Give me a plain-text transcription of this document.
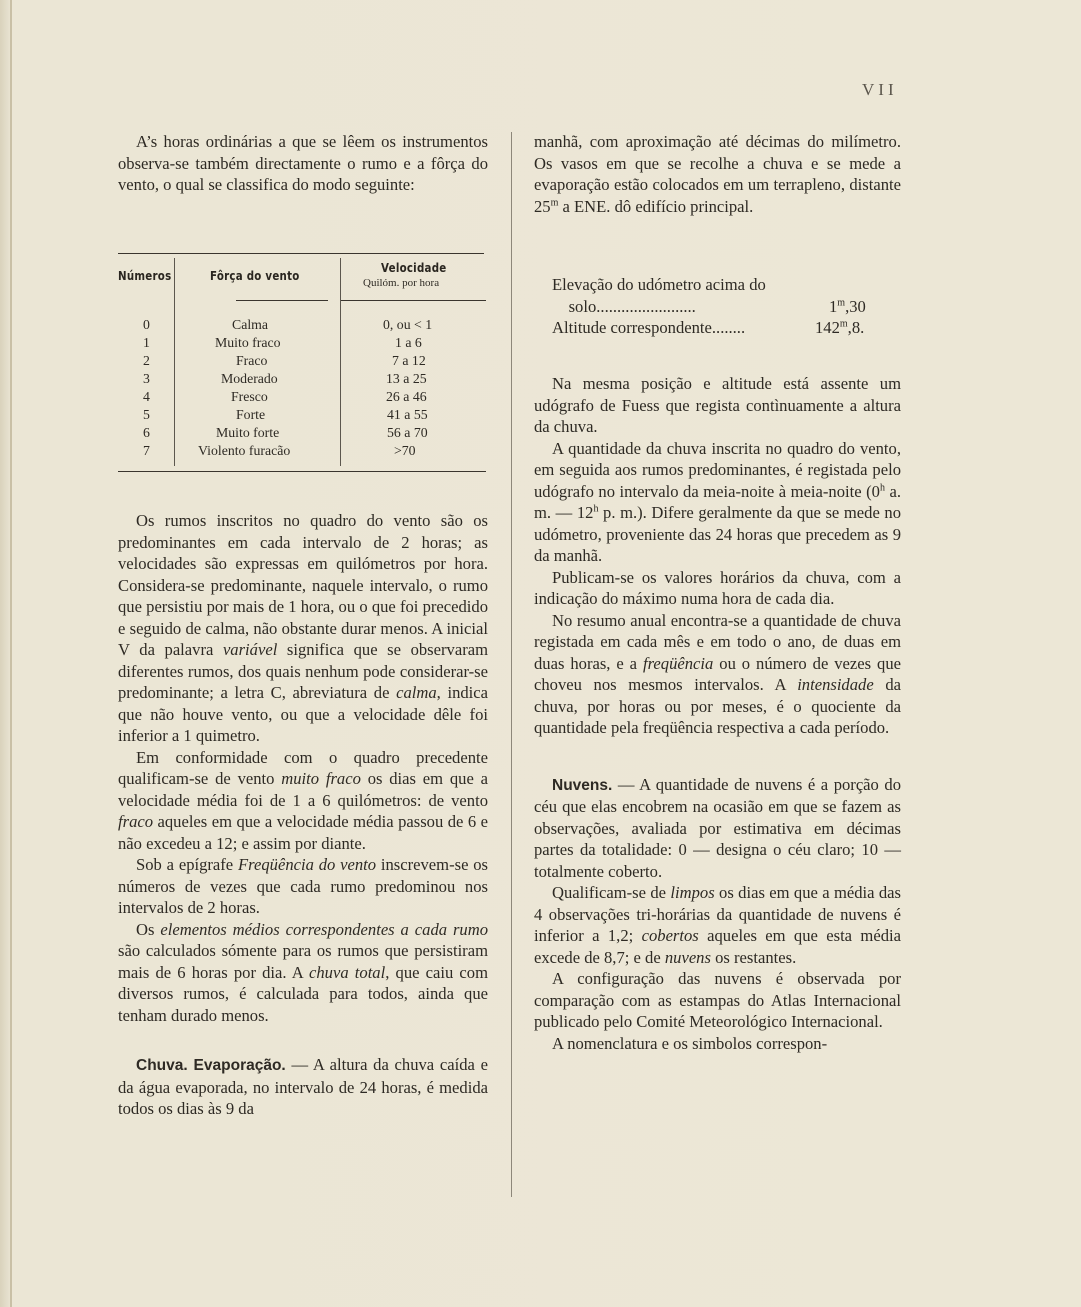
VII

A’s horas ordinárias a que se lêem os instrumentos observa-se também directamente o rumo e a fôrça do vento, o qual se classifica do modo seguinte:

Números	Fôrça do vento
Velocidade
Quilóm. por hora
0	Calma	0, ou < 1
1	Muito fraco	1 a 6
2	Fraco	7 a 12
3	Moderado	13 a 25
4	Fresco	26 a 46
5	Forte	41 a 55
6	Muito forte	56 a 70
7	Violento furacão	>70

Os rumos inscritos no quadro do vento são os predominantes em cada intervalo de 2 horas; as velocidades são expressas em quilómetros por hora. Considera-se predominante, naquele intervalo, o rumo que persistiu por mais de 1 hora, ou o que foi precedido e seguido de calma, não obstante durar menos. A inicial V da palavra variável significa que se observaram diferentes rumos, dos quais nenhum pode considerar-se predominante; a letra C, abreviatura de calma, indica que não houve vento, ou que a velocidade dêle foi inferior a 1 quimetro.

Em conformidade com o quadro precedente qualificam-se de vento muito fraco os dias em que a velocidade média foi de 1 a 6 quilómetros: de vento fraco aqueles em que a velocidade média passou de 6 e não excedeu a 12; e assim por diante.

Sob a epígrafe Freqüência do vento inscrevem-se os números de vezes que cada rumo predominou nos intervalos de 2 horas.

Os elementos médios correspondentes a cada rumo são calculados sómente para os rumos que persistiram mais de 6 horas por dia. A chuva total, que caiu com diversos rumos, é calculada para todos, ainda que tenham durado menos.

Chuva. Evaporação. — A altura da chuva caída e da água evaporada, no intervalo de 24 horas, é medida todos os dias às 9 da

manhã, com aproximação até décimas do milímetro. Os vasos em que se recolhe a chuva e se mede a evaporação estão colocados em um terrapleno, distante 25$^m$ a ENE. dô edifício principal.

Elevação do udómetro acima do
solo........................	1$^m$,30
Altitude correspondente........	142$^m$,8.

Na mesma posição e altitude está assente um udógrafo de Fuess que regista contìnuamente a altura da chuva.

A quantidade da chuva inscrita no quadro do vento, em seguida aos rumos predominantes, é registada pelo udógrafo no intervalo da meia-noite à meia-noite (0$^h$ a. m. — 12$^h$ p. m.). Difere geralmente da que se mede no udómetro, proveniente das 24 horas que precedem as 9 da manhã.

Publicam-se os valores horários da chuva, com a indicação do máximo numa hora de cada dia.

No resumo anual encontra-se a quantidade de chuva registada em cada mês e em todo o ano, de duas em duas horas, e a freqüência ou o número de vezes que choveu nos mesmos intervalos. A intensidade da chuva, por horas ou por meses, é o quociente da quantidade pela freqüência respectiva a cada período.

Nuvens. — A quantidade de nuvens é a porção do céu que elas encobrem na ocasião em que se fazem as observações, avaliada por estimativa em décimas partes da totalidade: 0 — designa o céu claro; 10 — totalmente coberto.

Qualificam-se de limpos os dias em que a média das 4 observações tri-horárias da quantidade de nuvens é inferior a 1,2; cobertos aqueles em que esta média excede de 8,7; e de nuvens os restantes.

A configuração das nuvens é observada por comparação com as estampas do Atlas Internacional publicado pelo Comité Meteorológico Internacional.

A nomenclatura e os simbolos correspon-
